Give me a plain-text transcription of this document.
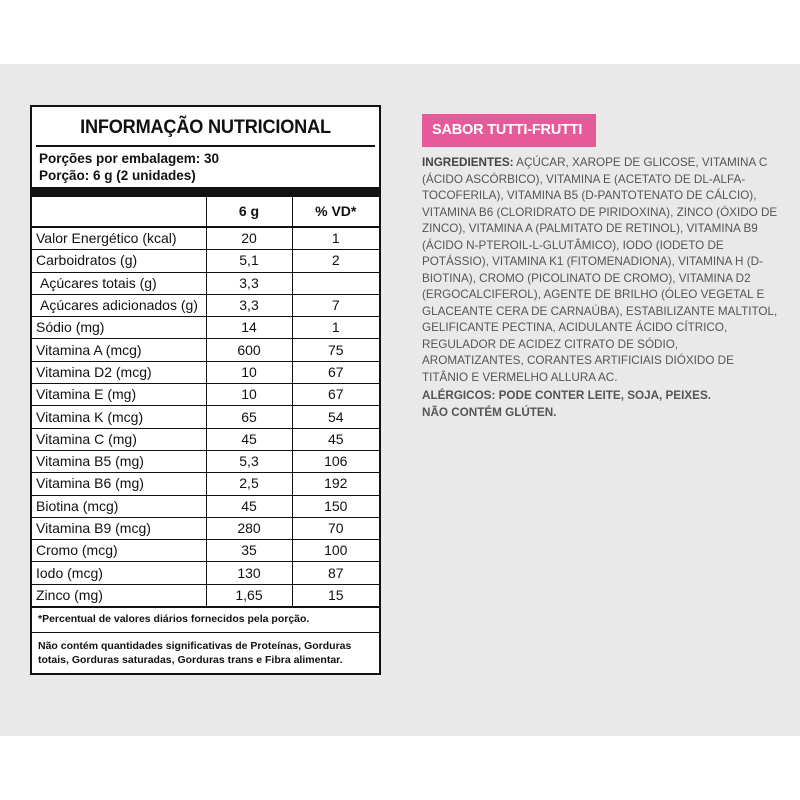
INFORMAÇÃO NUTRICIONAL
Porções por embalagem: 30
Porção: 6 g (2 unidades)
	6 g	% VD*
Valor Energético (kcal)	20	1
Carboidratos (g)	5,1	2
Açúcares totais (g)	3,3	
Açúcares adicionados (g)	3,3	7
Sódio (mg)	14	1
Vitamina A (mcg)	600	75
Vitamina D2 (mcg)	10	67
Vitamina E (mg)	10	67
Vitamina K (mcg)	65	54
Vitamina C (mg)	45	45
Vitamina B5 (mg)	5,3	106
Vitamina B6 (mg)	2,5	192
Biotina (mcg)	45	150
Vitamina B9 (mcg)	280	70
Cromo (mcg)	35	100
Iodo (mcg)	130	87
Zinco (mg)	1,65	15
*Percentual de valores diários fornecidos pela porção.
Não contém quantidades significativas de Proteínas, Gorduras totais, Gorduras saturadas, Gorduras trans e Fibra alimentar.
SABOR TUTTI-FRUTTI
INGREDIENTES: AÇÚCAR, XAROPE DE GLICOSE, VITAMINA C (ÁCIDO ASCÓRBICO), VITAMINA E (ACETATO DE DL-ALFA-TOCOFERILA), VITAMINA B5 (D-PANTOTENATO DE CÁLCIO), VITAMINA B6 (CLORIDRATO DE PIRIDOXINA), ZINCO (ÓXIDO DE ZINCO), VITAMINA A (PALMITATO DE RETINOL), VITAMINA B9 (ÁCIDO N-PTEROIL-L-GLUTÂMICO), IODO (IODETO DE POTÁSSIO), VITAMINA K1 (FITOMENADIONA), VITAMINA H (D-BIOTINA), CROMO (PICOLINATO DE CROMO), VITAMINA D2 (ERGOCALCIFEROL), AGENTE DE BRILHO (ÓLEO VEGETAL E GLACEANTE CERA DE CARNAÚBA), ESTABILIZANTE MALTITOL, GELIFICANTE PECTINA, ACIDULANTE ÁCIDO CÍTRICO, REGULADOR DE ACIDEZ CITRATO DE SÓDIO, AROMATIZANTES, CORANTES ARTIFICIAIS DIÓXIDO DE TITÂNIO E VERMELHO ALLURA AC.
ALÉRGICOS: PODE CONTER LEITE, SOJA, PEIXES.
NÃO CONTÉM GLÚTEN.
